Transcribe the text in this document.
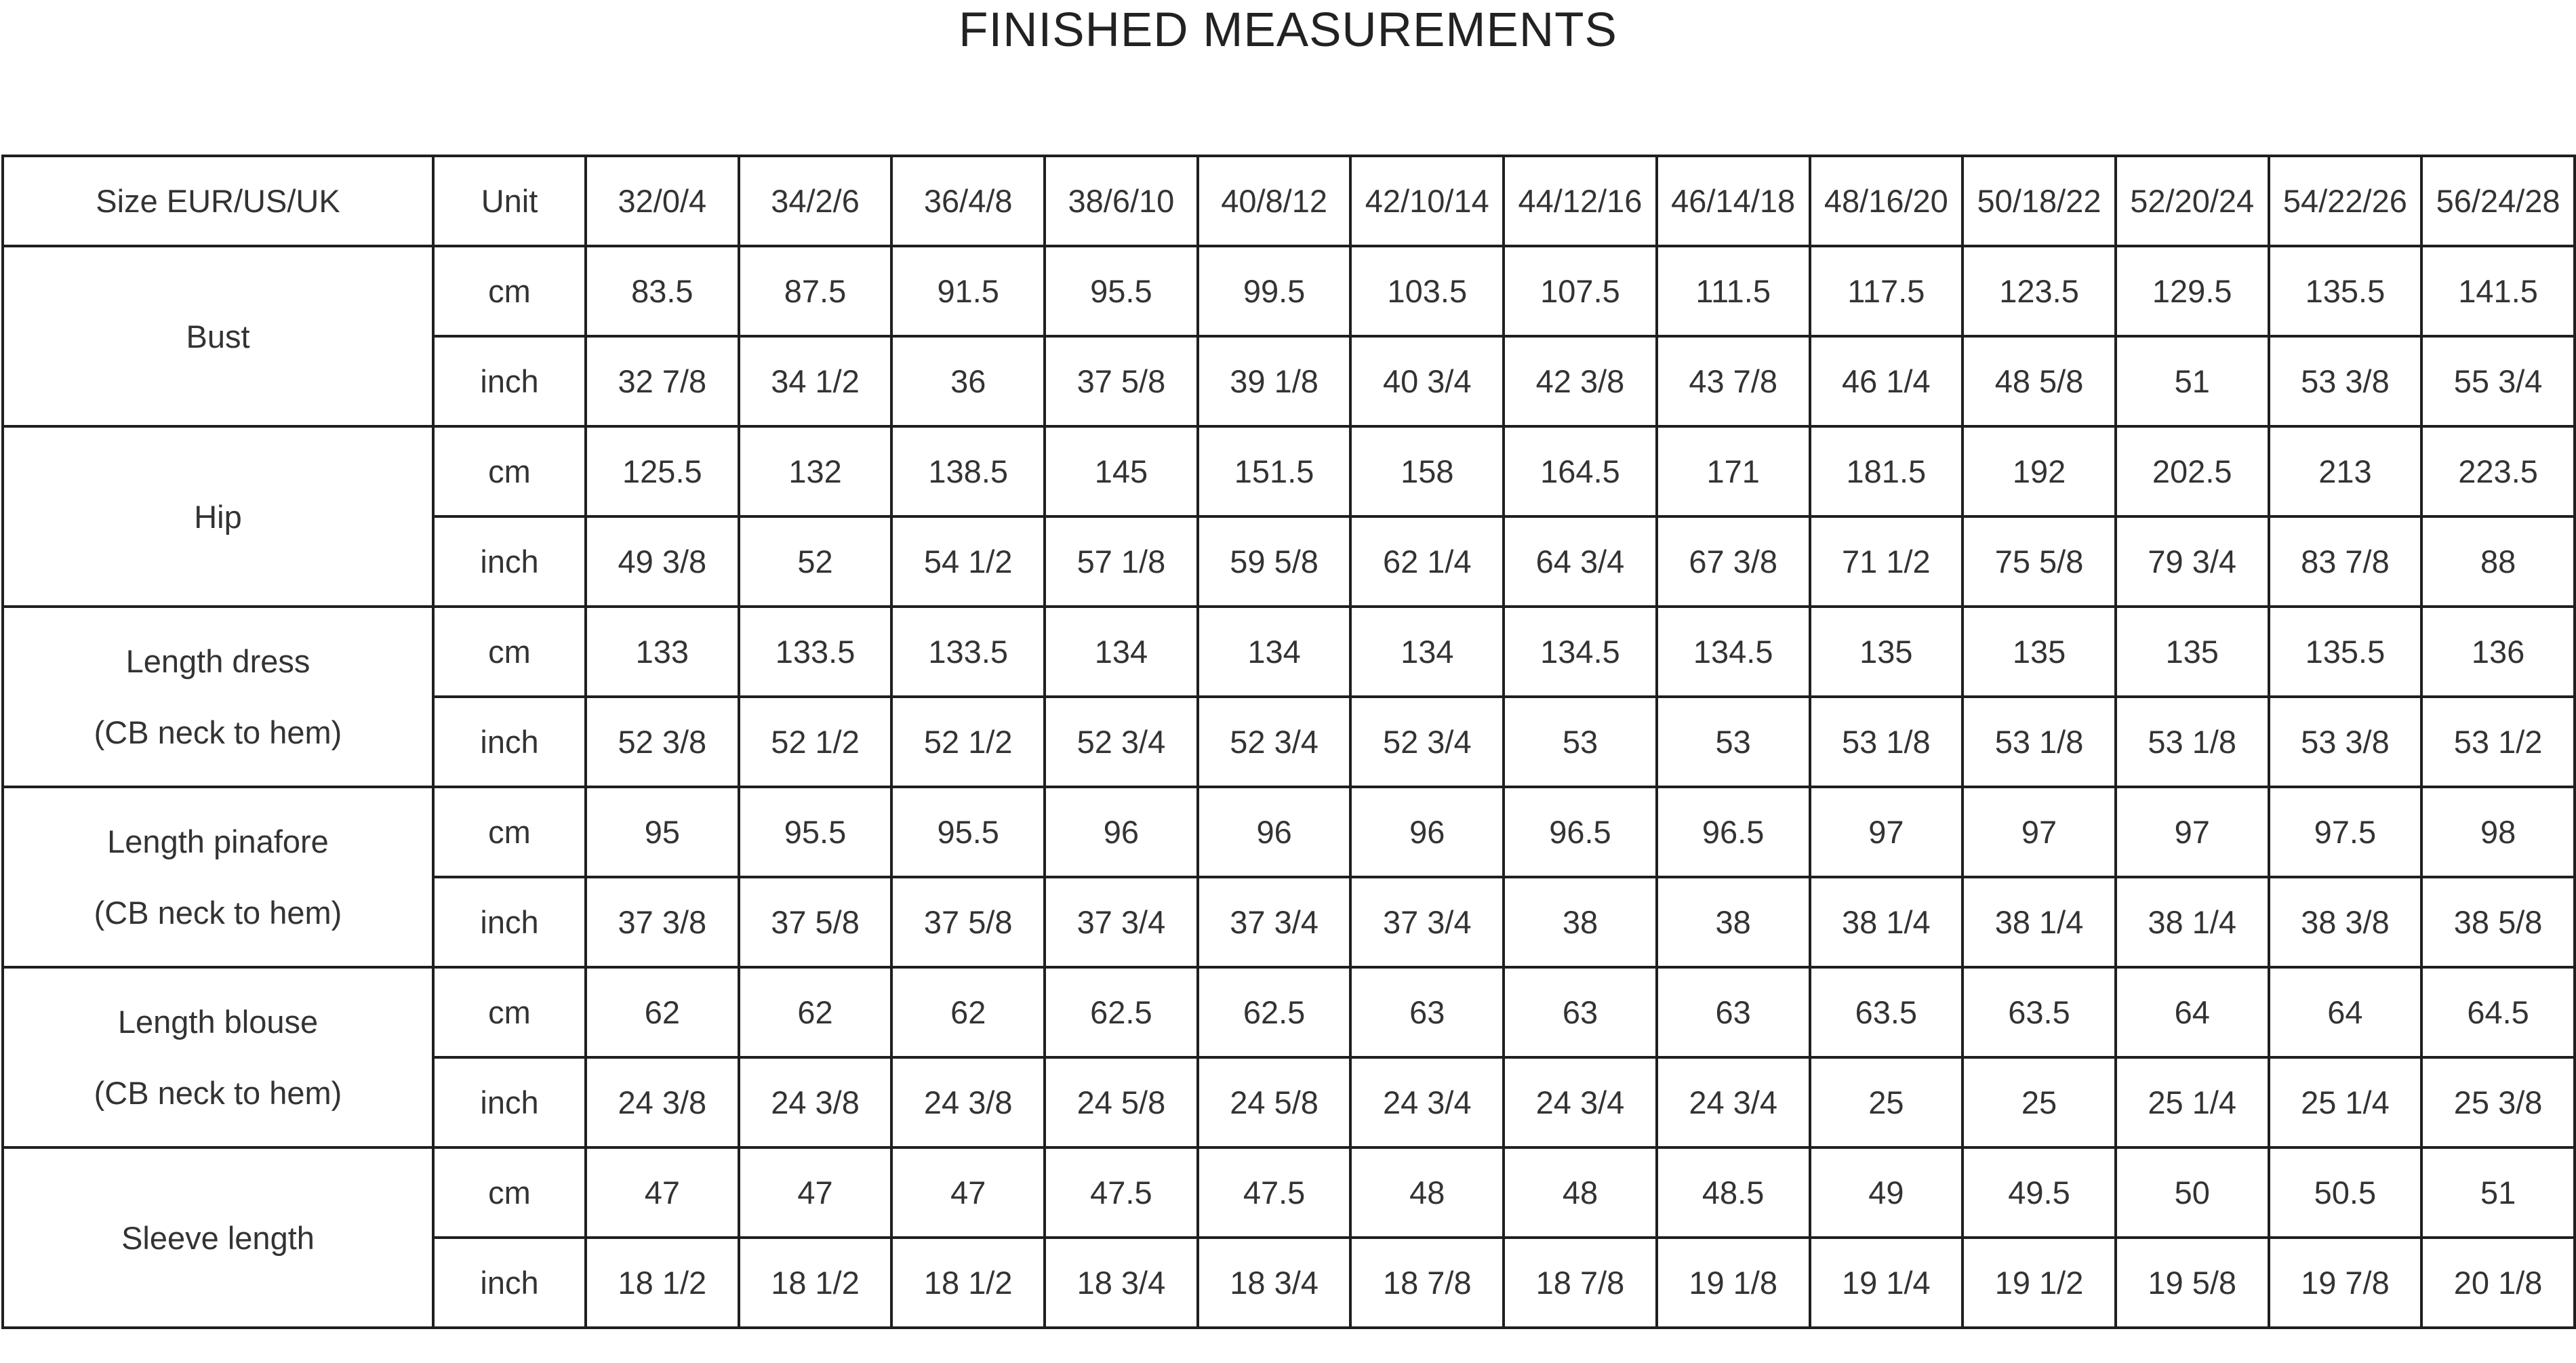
FINISHED MEASUREMENTS
Size EUR/US/UK	Unit	32/0/4	34/2/6	36/4/8	38/6/10	40/8/12	42/10/14	44/12/16	46/14/18	48/16/20	50/18/22	52/20/24	54/22/26	56/24/28

Bust	cm	83.5	87.5	91.5	95.5	99.5	103.5	107.5	111.5	117.5	123.5	129.5	135.5	141.5
	inch	32 7/8	34 1/2	36	37 5/8	39 1/8	40 3/4	42 3/8	43 7/8	46 1/4	48 5/8	51	53 3/8	55 3/4

Hip	cm	125.5	132	138.5	145	151.5	158	164.5	171	181.5	192	202.5	213	223.5
	inch	49 3/8	52	54 1/2	57 1/8	59 5/8	62 1/4	64 3/4	67 3/8	71 1/2	75 5/8	79 3/4	83 7/8	88

Length dress
(CB neck to hem)	cm	133	133.5	133.5	134	134	134	134.5	134.5	135	135	135	135.5	136
	inch	52 3/8	52 1/2	52 1/2	52 3/4	52 3/4	52 3/4	53	53	53 1/8	53 1/8	53 1/8	53 3/8	53 1/2

Length pinafore
(CB neck to hem)	cm	95	95.5	95.5	96	96	96	96.5	96.5	97	97	97	97.5	98
	inch	37 3/8	37 5/8	37 5/8	37 3/4	37 3/4	37 3/4	38	38	38 1/4	38 1/4	38 1/4	38 3/8	38 5/8

Length blouse
(CB neck to hem)	cm	62	62	62	62.5	62.5	63	63	63	63.5	63.5	64	64	64.5
	inch	24 3/8	24 3/8	24 3/8	24 5/8	24 5/8	24 3/4	24 3/4	24 3/4	25	25	25 1/4	25 1/4	25 3/8

Sleeve length	cm	47	47	47	47.5	47.5	48	48	48.5	49	49.5	50	50.5	51
	inch	18 1/2	18 1/2	18 1/2	18 3/4	18 3/4	18 7/8	18 7/8	19 1/8	19 1/4	19 1/2	19 5/8	19 7/8	20 1/8
